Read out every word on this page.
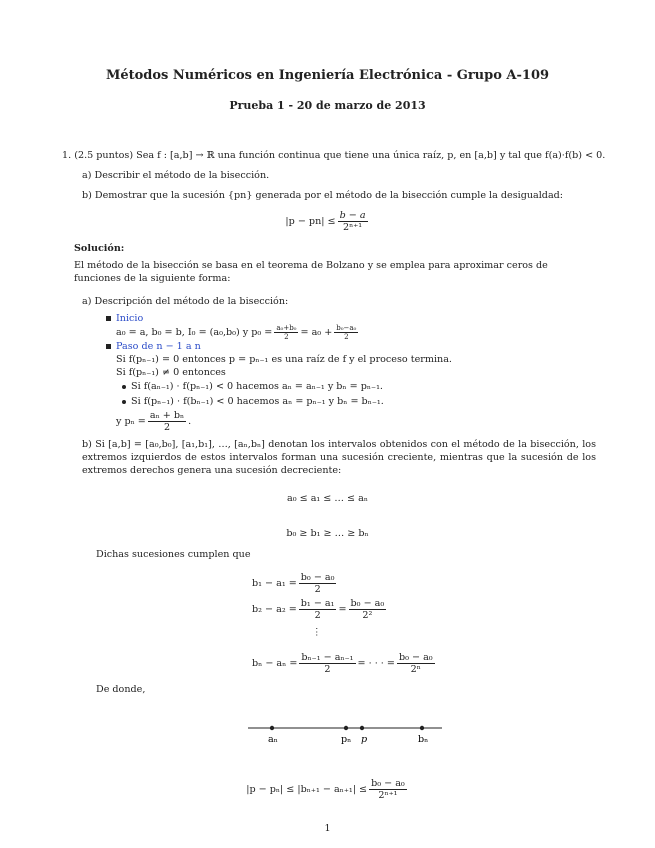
Métodos Numéricos en Ingeniería Electrónica - Grupo A-109
Prueba 1 - 20 de marzo de 2013
1. (2.5 puntos) Sea f : [a,b] → ℝ una función continua que tiene una única raíz, p, en [a,b] y tal que f(a)·f(b) < 0.
a) Describir el método de la bisección.
b) Demostrar que la sucesión {pn} generada por el método de la bisección cumple la desigualdad:
$|p - pn| \le \frac{b - a}{\text{2ⁿ⁺¹}}$
Solución:
El método de la bisección se basa en el teorema de Bolzano y se emplea para aproximar ceros de funciones de la siguiente forma:
a) Descripción del método de la bisección:
Inicio
a₀ = a, b₀ = b, I₀ = (a₀,b₀) y $p_0 = \frac{\text{a₀+b₀}}{2} = a_0 + \frac{\text{b₀−a₀}}{2}$
Paso de n − 1 a n
Si f(pₙ₋₁) = 0 entonces p = pₙ₋₁ es una raíz de f y el proceso termina.
Si f(pₙ₋₁) ≠ 0 entonces
Si f(aₙ₋₁) · f(pₙ₋₁) < 0 hacemos aₙ = aₙ₋₁ y bₙ = pₙ₋₁.
Si f(pₙ₋₁) · f(bₙ₋₁) < 0 hacemos aₙ = pₙ₋₁ y bₙ = bₙ₋₁.
y $p_n = \frac{\text{aₙ + bₙ}}{2}$ .
b) Si [a,b] = [a₀,b₀], [a₁,b₁], …, [aₙ,bₙ] denotan los intervalos obtenidos con el método de la bisección, los extremos izquierdos de estos intervalos forman una sucesión creciente, mientras que la sucesión de los extremos derechos genera una sucesión decreciente:
a₀ ≤ a₁ ≤ … ≤ aₙ
b₀ ≥ b₁ ≥ … ≥ bₙ
Dichas sucesiones cumplen que
$b_1 - a_1 = \frac{\text{b₀ − a₀}}{2}$
$b_2 - a_2 = \frac{\text{b₁ − a₁}}{2} = \frac{\text{b₀ − a₀}}{\text{2²}}$
⋮
$b_n - a_n = \frac{\text{bₙ₋₁ − aₙ₋₁}}{2}$ = · · · = $\frac{\text{b₀ − a₀}}{\text{2ⁿ}}$
De donde,
aₙ	pₙ p	bₙ
$|p - p_n| \le |b_{n+1} - a_{n+1}| \le \frac{\text{b₀ − a₀}}{\text{2ⁿ⁺¹}}$
1
